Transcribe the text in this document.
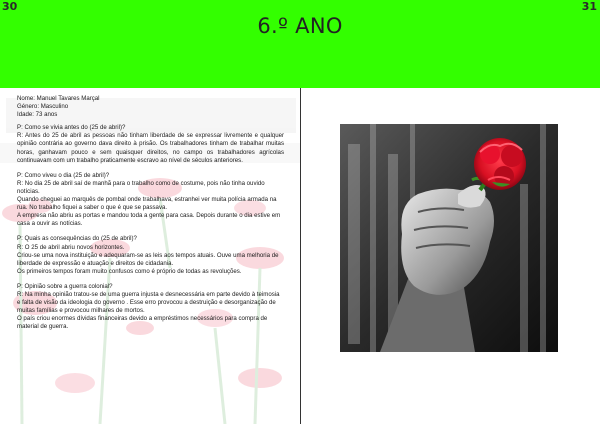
30	31
6.º ANO

Nome: Manuel Tavares Marçal

Género: Masculino

Idade: 73 anos

P: Como se vivia antes do (25 de abril)?

R: Antes do 25 de abril as pessoas não tinham liberdade de se expressar livremente e qualquer opinião contrária ao governo dava direito à prisão. Os trabalhadores tinham de trabalhar muitas horas, ganhavam pouco e sem quaisquer direitos, no campo os trabalhadores agrícolas continuavam com um trabalho praticamente escravo ao nível de séculos anteriores.

P: Como viveu o dia (25 de abril)?

R: No dia 25 de abril saí de manhã para o trabalho como de costume, pois não tinha ouvido notícias.

Quando cheguei ao marquês de pombal onde trabalhava, estranhei ver muita polícia armada na rua. No trabalho fiquei a saber o que é que se passava.

A empresa não abriu as portas e mandou toda a gente para casa. Depois durante o dia estive em casa a ouvir as notícias.

P: Quais as consequências do (25 de abril)?

R: O 25 de abril abriu novos horizontes.

Criou-se uma nova instituição e adequaram-se as leis aos tempos atuais. Ouve uma melhoria de liberdade de expressão e atuação e direitos de cidadania.

Os primeiros tempos foram muito confusos como é próprio de todas as revoluções.

P: Opinião sobre a guerra colonial?

R: Na minha opinião tratou-se de uma guerra injusta e desnecessária em parte devido à teimosia e falta de visão da ideologia do governo . Esse erro provocou a destruição e desorganização de muitas famílias e provocou milhares de mortos.

O país criou enormes dívidas financeiras devido a empréstimos necessários para compra de material de guerra.
